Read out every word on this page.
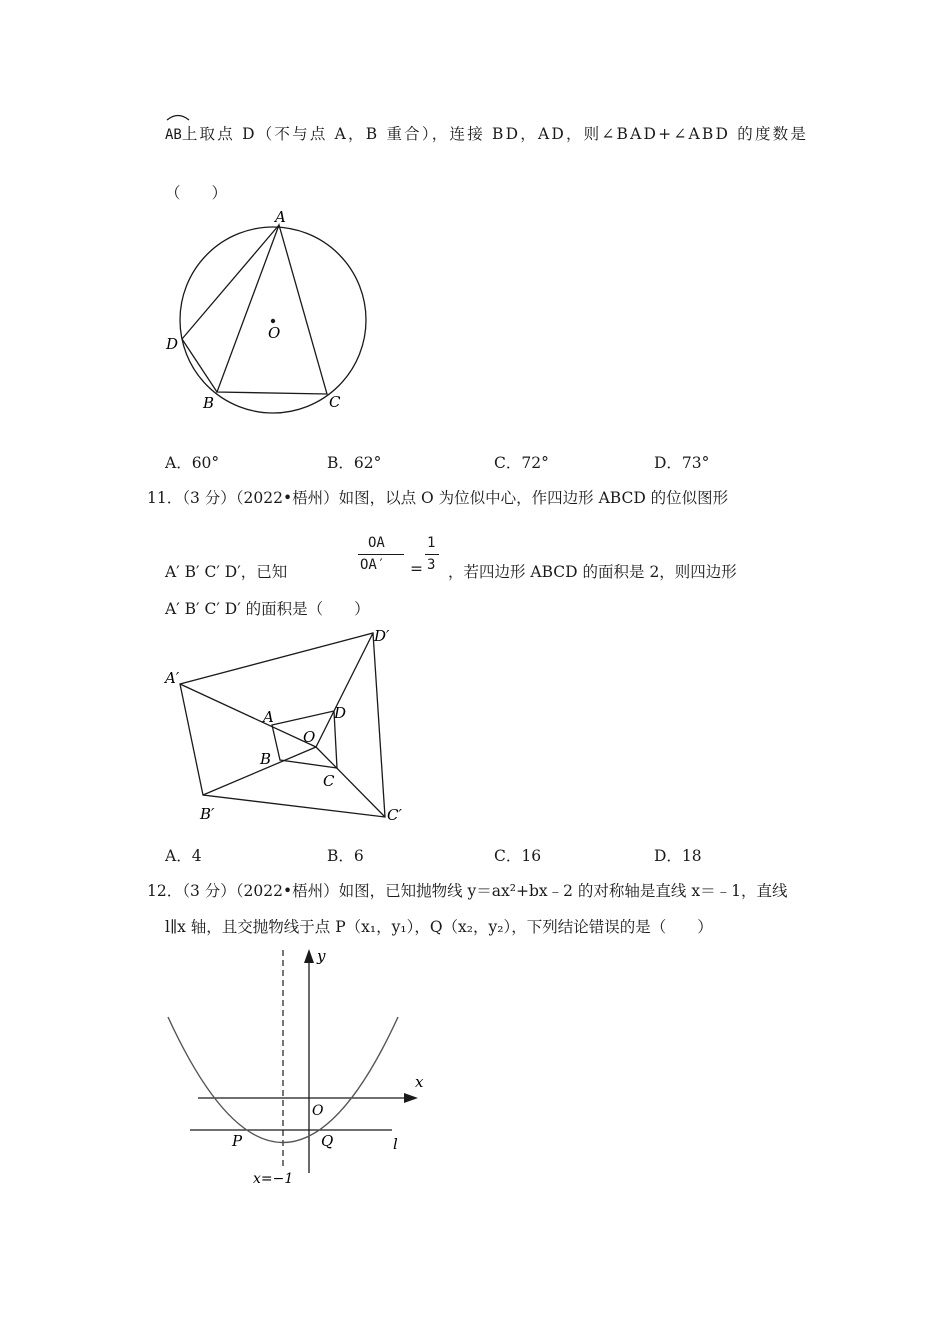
AB上取点 D（不与点 A，B 重合），连接 BD，AD，则∠BAD+∠ABD 的度数是
（　　）
A
O
D
B	C
A．60°	B．62°	C．72°	D．73°
11．（3 分）（2022•梧州）如图，以点 O 为位似中心，作四边形 ABCD 的位似图形
A′ B′ C′ D′，已知
OA
OA′ =
1
3 ，若四边形 ABCD 的面积是 2，则四边形
A′ B′ C′ D′ 的面积是（　　）
D′
A′
A	D
O
B
C
B′	C′
A．4	B．6	C．16	D．18
12．（3 分）（2022•梧州）如图，已知抛物线 y＝ax²+bx﹣2 的对称轴是直线 x＝﹣1，直线
l∥x 轴，且交抛物线于点 P（x₁，y₁），Q（x₂，y₂），下列结论错误的是（　　）
y
x
O
P	Q	l
x=−1
